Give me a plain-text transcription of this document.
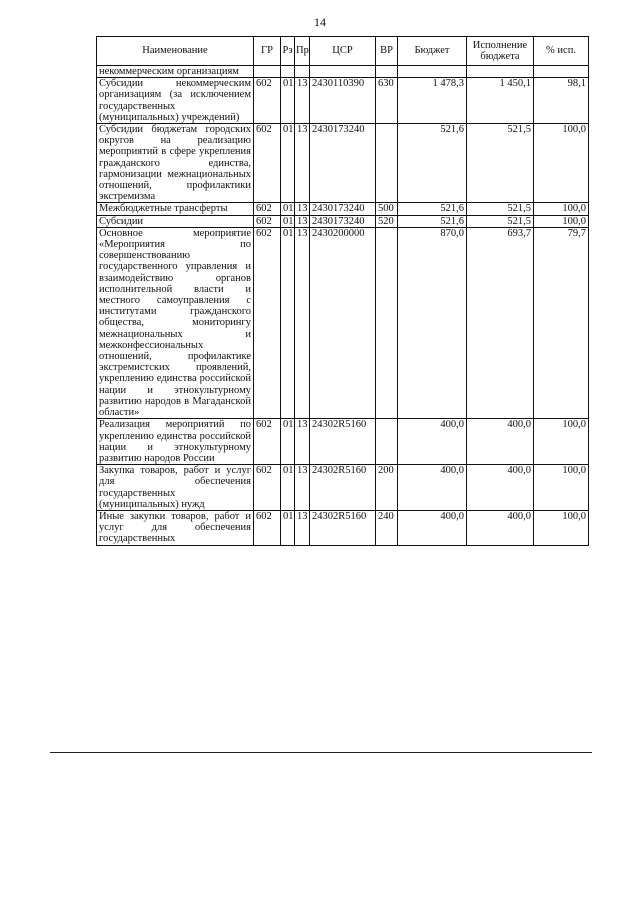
14
Наименование	ГР	Рз	Пр	ЦСР	ВР	Бюджет	Исполнение бюджета	% исп.
некоммерческим организациям								
Субсидии некоммерческим организациям (за исключением государственных (муниципальных) учреждений)	602	01	13	2430110390	630	1 478,3	1 450,1	98,1
Субсидии бюджетам городских округов на реализацию мероприятий в сфере укрепления гражданского единства, гармонизации межнациональных отношений, профилактики экстремизма	602	01	13	2430173240		521,6	521,5	100,0
Межбюджетные трансферты	602	01	13	2430173240	500	521,6	521,5	100,0
Субсидии	602	01	13	2430173240	520	521,6	521,5	100,0
Основное мероприятие «Мероприятия по совершенствованию государственного управления и взаимодействию органов исполнительной власти и местного самоуправления с институтами гражданского общества, мониторингу межнациональных и межконфессиональных отношений, профилактике экстремистских проявлений, укреплению единства российской нации и этнокультурному развитию народов в Магаданской области»	602	01	13	2430200000		870,0	693,7	79,7
Реализация мероприятий по укреплению единства российской нации и этнокультурному развитию народов России	602	01	13	24302R5160		400,0	400,0	100,0
Закупка товаров, работ и услуг для обеспечения государственных (муниципальных) нужд	602	01	13	24302R5160	200	400,0	400,0	100,0
Иные закупки товаров, работ и услуг для обеспечения государственных	602	01	13	24302R5160	240	400,0	400,0	100,0
